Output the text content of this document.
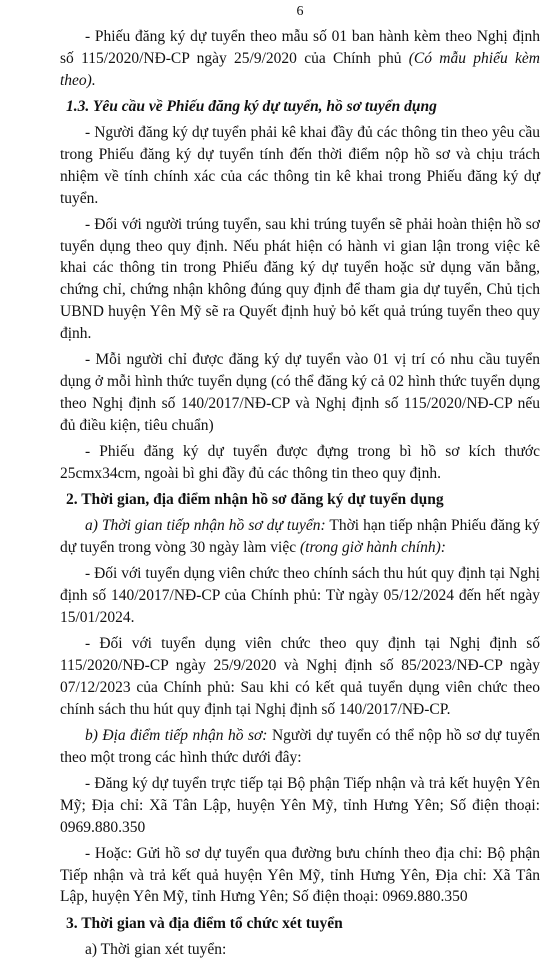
6

- Phiếu đăng ký dự tuyển theo mẫu số 01 ban hành kèm theo Nghị định số 115/2020/NĐ-CP ngày 25/9/2020 của Chính phủ (Có mẫu phiếu kèm theo).

1.3. Yêu cầu về Phiếu đăng ký dự tuyển, hồ sơ tuyển dụng

- Người đăng ký dự tuyển phải kê khai đầy đủ các thông tin theo yêu cầu trong Phiếu đăng ký dự tuyển tính đến thời điểm nộp hồ sơ và chịu trách nhiệm về tính chính xác của các thông tin kê khai trong Phiếu đăng ký dự tuyển.

- Đối với người trúng tuyển, sau khi trúng tuyển sẽ phải hoàn thiện hồ sơ tuyển dụng theo quy định. Nếu phát hiện có hành vi gian lận trong việc kê khai các thông tin trong Phiếu đăng ký dự tuyển hoặc sử dụng văn bằng, chứng chỉ, chứng nhận không đúng quy định để tham gia dự tuyển, Chủ tịch UBND huyện Yên Mỹ sẽ ra Quyết định huỷ bỏ kết quả trúng tuyển theo quy định.

- Mỗi người chỉ được đăng ký dự tuyển vào 01 vị trí có nhu cầu tuyển dụng ở mỗi hình thức tuyển dụng (có thể đăng ký cả 02 hình thức tuyển dụng theo Nghị định số 140/2017/NĐ-CP và Nghị định số 115/2020/NĐ-CP nếu đủ điều kiện, tiêu chuẩn)

- Phiếu đăng ký dự tuyển được đựng trong bì hồ sơ kích thước 25cmx34cm, ngoài bì ghi đầy đủ các thông tin theo quy định.

2. Thời gian, địa điểm nhận hồ sơ đăng ký dự tuyển dụng

a) Thời gian tiếp nhận hồ sơ dự tuyển: Thời hạn tiếp nhận Phiếu đăng ký dự tuyển trong vòng 30 ngày làm việc (trong giờ hành chính):

- Đối với tuyển dụng viên chức theo chính sách thu hút quy định tại Nghị định số 140/2017/NĐ-CP của Chính phủ: Từ ngày 05/12/2024 đến hết ngày 15/01/2024.

- Đối với tuyển dụng viên chức theo quy định tại Nghị định số 115/2020/NĐ-CP ngày 25/9/2020 và Nghị định số 85/2023/NĐ-CP ngày 07/12/2023 của Chính phủ: Sau khi có kết quả tuyển dụng viên chức theo chính sách thu hút quy định tại Nghị định số 140/2017/NĐ-CP.

b) Địa điểm tiếp nhận hồ sơ: Người dự tuyển có thể nộp hồ sơ dự tuyển theo một trong các hình thức dưới đây:

- Đăng ký dự tuyển trực tiếp tại Bộ phận Tiếp nhận và trả kết huyện Yên Mỹ; Địa chỉ: Xã Tân Lập, huyện Yên Mỹ, tỉnh Hưng Yên; Số điện thoại: 0969.880.350

- Hoặc: Gửi hồ sơ dự tuyển qua đường bưu chính theo địa chỉ: Bộ phận Tiếp nhận và trả kết quả huyện Yên Mỹ, tỉnh Hưng Yên, Địa chỉ: Xã Tân Lập, huyện Yên Mỹ, tỉnh Hưng Yên; Số điện thoại: 0969.880.350

3. Thời gian và địa điểm tổ chức xét tuyển

a) Thời gian xét tuyển:
